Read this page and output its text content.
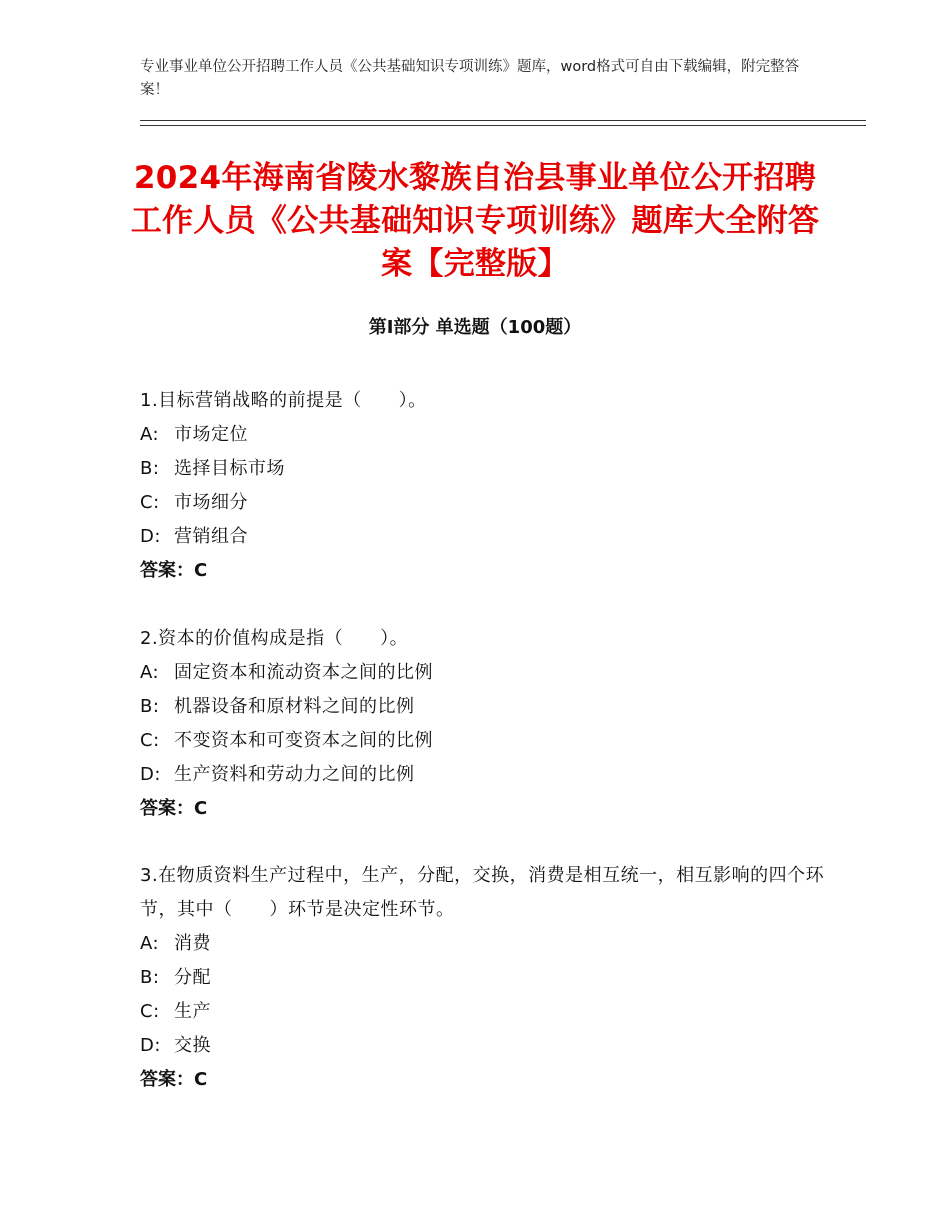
专业事业单位公开招聘工作人员《公共基础知识专项训练》题库，word格式可自由下载编辑，附完整答案！
2024年海南省陵水黎族自治县事业单位公开招聘工作人员《公共基础知识专项训练》题库大全附答案【完整版】
第Ⅰ部分 单选题（100题）
1.目标营销战略的前提是（　　）。
A: 市场定位
B: 选择目标市场
C: 市场细分
D: 营销组合
答案：C
2.资本的价值构成是指（　　）。
A: 固定资本和流动资本之间的比例
B: 机器设备和原材料之间的比例
C: 不变资本和可变资本之间的比例
D: 生产资料和劳动力之间的比例
答案：C
3.在物质资料生产过程中，生产，分配，交换，消费是相互统一，相互影响的四个环节，其中（　　）环节是决定性环节。
A: 消费
B: 分配
C: 生产
D: 交换
答案：C
